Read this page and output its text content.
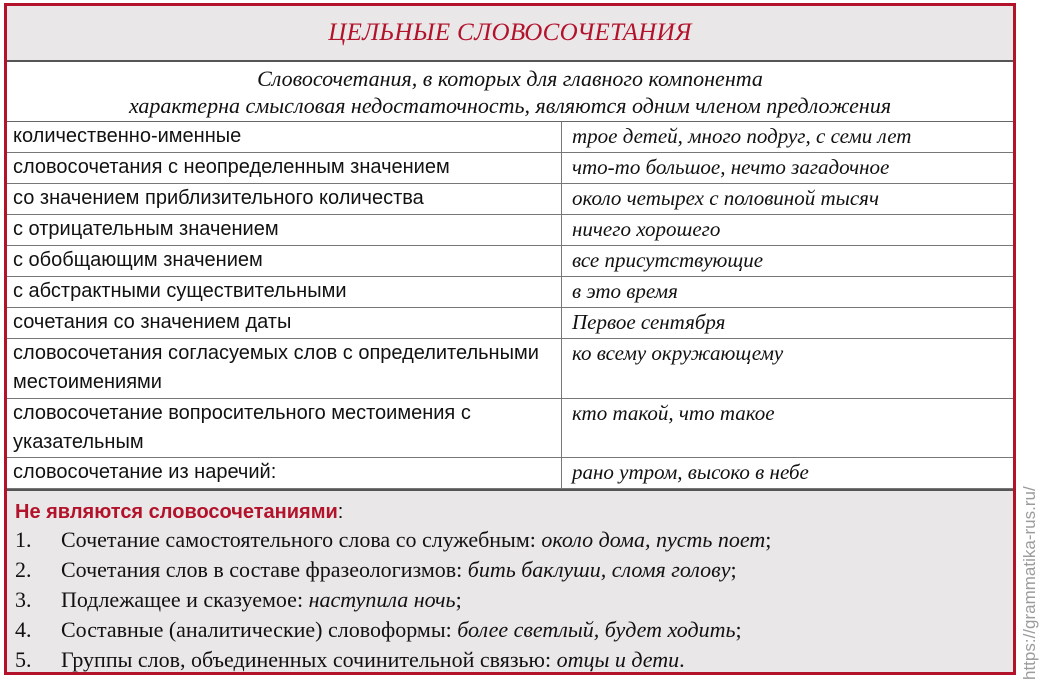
ЦЕЛЬНЫЕ СЛОВОСОЧЕТАНИЯ
Словосочетания, в которых для главного компонента
характерна смысловая недостаточность, являются одним членом предложения
количественно-именные	трое детей, много подруг, с семи лет
словосочетания с неопределенным значением	что-то большое, нечто загадочное
со значением приблизительного количества	около четырех с половиной тысяч
с отрицательным значением	ничего хорошего
с обобщающим значением	все присутствующие
с абстрактными существительными	в это время
сочетания со значением даты	Первое сентября
словосочетания согласуемых слов с определительными местоимениями	ко всему окружающему
словосочетание вопросительного местоимения с указательным	кто такой, что такое
словосочетание из наречий:	рано утром, высоко в небе
Не являются словосочетаниями:
1.	Сочетание самостоятельного слова со служебным: около дома, пусть поет;
2.	Сочетания слов в составе фразеологизмов: бить баклуши, сломя голову;
3.	Подлежащее и сказуемое: наступила ночь;
4.	Составные (аналитические) словоформы: более светлый, будет ходить;
5.	Группы слов, объединенных сочинительной связью: отцы и дети.	https://grammatika-rus.ru/
